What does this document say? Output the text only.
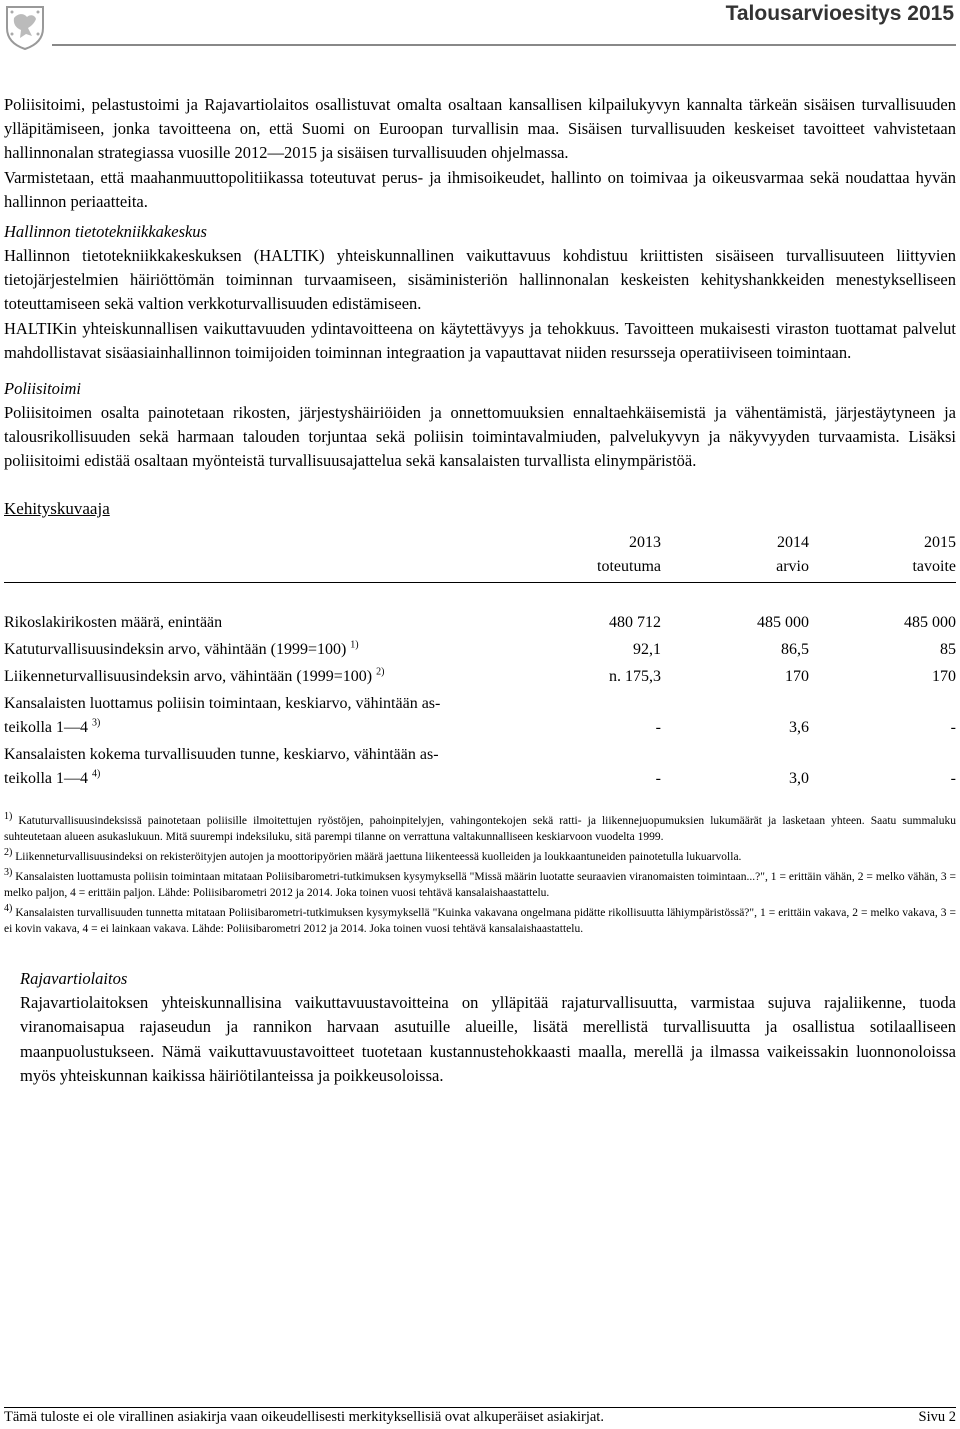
Talousarvioesitys 2015

Poliisitoimi, pelastustoimi ja Rajavartiolaitos osallistuvat omalta osaltaan kansallisen kilpailukyvyn kannalta tärkeän sisäisen turvallisuuden ylläpitämiseen, jonka tavoitteena on, että Suomi on Euroopan turvallisin maa. Sisäisen turvallisuuden keskeiset tavoitteet vahvistetaan hallinnonalan strategiassa vuosille 2012—2015 ja sisäisen turvallisuuden ohjelmassa.

Varmistetaan, että maahanmuuttopolitiikassa toteutuvat perus- ja ihmisoikeudet, hallinto on toimivaa ja oikeusvarmaa sekä noudattaa hyvän hallinnon periaatteita.

Hallinnon tietotekniikkakeskus

Hallinnon tietotekniikkakeskuksen (HALTIK) yhteiskunnallinen vaikuttavuus kohdistuu kriittisten sisäiseen turvallisuuteen liittyvien tietojärjestelmien häiriöttömän toiminnan turvaamiseen, sisäministeriön hallinnonalan keskeisten kehityshankkeiden menestykselliseen toteuttamiseen sekä valtion verkkoturvallisuuden edistämiseen.

HALTIKin yhteiskunnallisen vaikuttavuuden ydintavoitteena on käytettävyys ja tehokkuus. Tavoitteen mukaisesti viraston tuottamat palvelut mahdollistavat sisäasiainhallinnon toimijoiden toiminnan integraation ja vapauttavat niiden resursseja operatiiviseen toimintaan.

Poliisitoimi

Poliisitoimen osalta painotetaan rikosten, järjestyshäiriöiden ja onnettomuuksien ennaltaehkäisemistä ja vähentämistä, järjestäytyneen ja talousrikollisuuden sekä harmaan talouden torjuntaa sekä poliisin toimintavalmiuden, palvelukyvyn ja näkyvyyden turvaamista. Lisäksi poliisitoimi edistää osaltaan myönteistä turvallisuusajattelua sekä kansalaisten turvallista elinympäristöä.

Kehityskuvaaja
	2013	2014	2015
	toteutuma	arvio	tavoite

Rikoslakirikosten määrä, enintään	480 712	485 000	485 000
Katuturvallisuusindeksin arvo, vähintään (1999=100) $^{1)}$	92,1	86,5	85
Liikenneturvallisuusindeksin arvo, vähintään (1999=100) $^{2)}$	n. 175,3	170	170

Kansalaisten luottamus poliisin toimintaan, keskiarvo, vähintään as-
teikolla 1—4 $^{3)}$	-	3,6	-

Kansalaisten kokema turvallisuuden tunne, keskiarvo, vähintään as-
teikolla 1—4 $^{4)}$	-	3,0	-

$^{1)}$ Katuturvallisuusindeksissä painotetaan poliisille ilmoitettujen ryöstöjen, pahoinpitelyjen, vahingontekojen sekä ratti- ja liikennejuopumuksien lukumäärät ja lasketaan yhteen. Saatu summaluku suhteutetaan alueen asukaslukuun. Mitä suurempi indeksiluku, sitä parempi tilanne on verrattuna valtakunnalliseen keskiarvoon vuodelta 1999.

$^{2)}$ Liikenneturvallisuusindeksi on rekisteröityjen autojen ja moottoripyörien määrä jaettuna liikenteessä kuolleiden ja loukkaantuneiden painotetulla lukuarvolla.

$^{3)}$ Kansalaisten luottamusta poliisin toimintaan mitataan Poliisibarometri-tutkimuksen kysymyksellä "Missä määrin luotatte seuraavien viranomaisten toimintaan...?", 1 = erittäin vähän, 2 = melko vähän, 3 = melko paljon, 4 = erittäin paljon. Lähde: Poliisibarometri 2012 ja 2014. Joka toinen vuosi tehtävä kansalaishaastattelu.

$^{4)}$ Kansalaisten turvallisuuden tunnetta mitataan Poliisibarometri-tutkimuksen kysymyksellä "Kuinka vakavana ongelmana pidätte rikollisuutta lähiympäristössä?", 1 = erittäin vakava, 2 = melko vakava, 3 = ei kovin vakava, 4 = ei lainkaan vakava. Lähde: Poliisibarometri 2012 ja 2014. Joka toinen vuosi tehtävä kansalaishaastattelu.

Rajavartiolaitos

Rajavartiolaitoksen yhteiskunnallisina vaikuttavuustavoitteina on ylläpitää rajaturvallisuutta, varmistaa sujuva rajaliikenne, tuoda viranomaisapua rajaseudun ja rannikon harvaan asutuille alueille, lisätä merellistä turvallisuutta ja osallistua sotilaalliseen maanpuolustukseen. Nämä vaikuttavuustavoitteet tuotetaan kustannustehokkaasti maalla, merellä ja ilmassa vaikeissakin luonnonoloissa myös yhteiskunnan kaikissa häiriötilanteissa ja poikkeusoloissa.

Tämä tuloste ei ole virallinen asiakirja vaan oikeudellisesti merkityksellisiä ovat alkuperäiset asiakirjat.	Sivu 2
